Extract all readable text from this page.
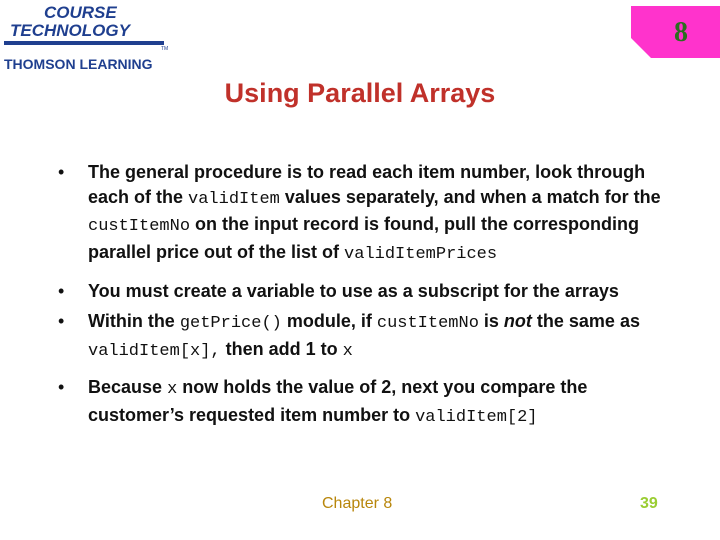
COURSE
TECHNOLOGY
TM
THOMSON LEARNING
8
Using Parallel Arrays
• The general procedure is to read each item number, look through each of the validItem values separately, and when a match for the custItemNo on the input record is found, pull the corresponding parallel price out of the list of validItemPrices
• You must create a variable to use as a subscript for the arrays
• Within the getPrice() module, if custItemNo is not the same as validItem[x], then add 1 to x
• Because x now holds the value of 2, next you compare the customer’s requested item number to validItem[2]
Chapter 8	39
